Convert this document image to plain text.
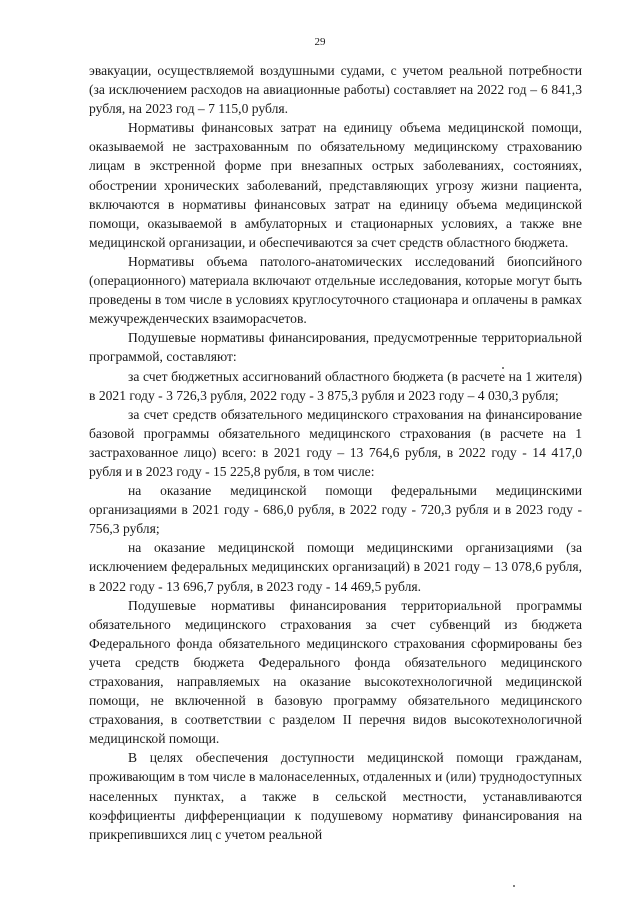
29

эвакуации, осуществляемой воздушными судами, с учетом реальной потребности (за исключением расходов на авиационные работы) составляет на 2022 год – 6 841,3 рубля, на 2023 год – 7 115,0 рубля.

Нормативы финансовых затрат на единицу объема медицинской помощи, оказываемой не застрахованным по обязательному медицинскому страхованию лицам в экстренной форме при внезапных острых заболеваниях, состояниях, обострении хронических заболеваний, представляющих угрозу жизни пациента, включаются в нормативы финансовых затрат на единицу объема медицинской помощи, оказываемой в амбулаторных и стационарных условиях, а также вне медицинской организации, и обеспечиваются за счет средств областного бюджета.

Нормативы объема патолого-анатомических исследований биопсийного (операционного) материала включают отдельные исследования, которые могут быть проведены в том числе в условиях круглосуточного стационара и оплачены в рамках межучрежденческих взаиморасчетов.

Подушевые нормативы финансирования, предусмотренные территориальной программой, составляют:

за счет бюджетных ассигнований областного бюджета (в расчете на 1 жителя) в 2021 году - 3 726,3 рубля, 2022 году - 3 875,3 рубля и 2023 году – 4 030,3 рубля;

за счет средств обязательного медицинского страхования на финансирование базовой программы обязательного медицинского страхования (в расчете на 1 застрахованное лицо) всего: в 2021 году – 13 764,6 рубля, в 2022 году - 14 417,0 рубля и в 2023 году - 15 225,8 рубля, в том числе:

на оказание медицинской помощи федеральными медицинскими организациями в 2021 году - 686,0 рубля, в 2022 году - 720,3 рубля и в 2023 году - 756,3 рубля;

на оказание медицинской помощи медицинскими организациями (за исключением федеральных медицинских организаций) в 2021 году – 13 078,6 рубля, в 2022 году - 13 696,7 рубля, в 2023 году - 14 469,5 рубля.

Подушевые нормативы финансирования территориальной программы обязательного медицинского страхования за счет субвенций из бюджета Федерального фонда обязательного медицинского страхования сформированы без учета средств бюджета Федерального фонда обязательного медицинского страхования, направляемых на оказание высокотехнологичной медицинской помощи, не включенной в базовую программу обязательного медицинского страхования, в соответствии с разделом II перечня видов высокотехнологичной медицинской помощи.

В целях обеспечения доступности медицинской помощи гражданам, проживающим в том числе в малонаселенных, отдаленных и (или) труднодоступных населенных пунктах, а также в сельской местности, устанавливаются коэффициенты дифференциации к подушевому нормативу финансирования на прикрепившихся лиц с учетом реальной
